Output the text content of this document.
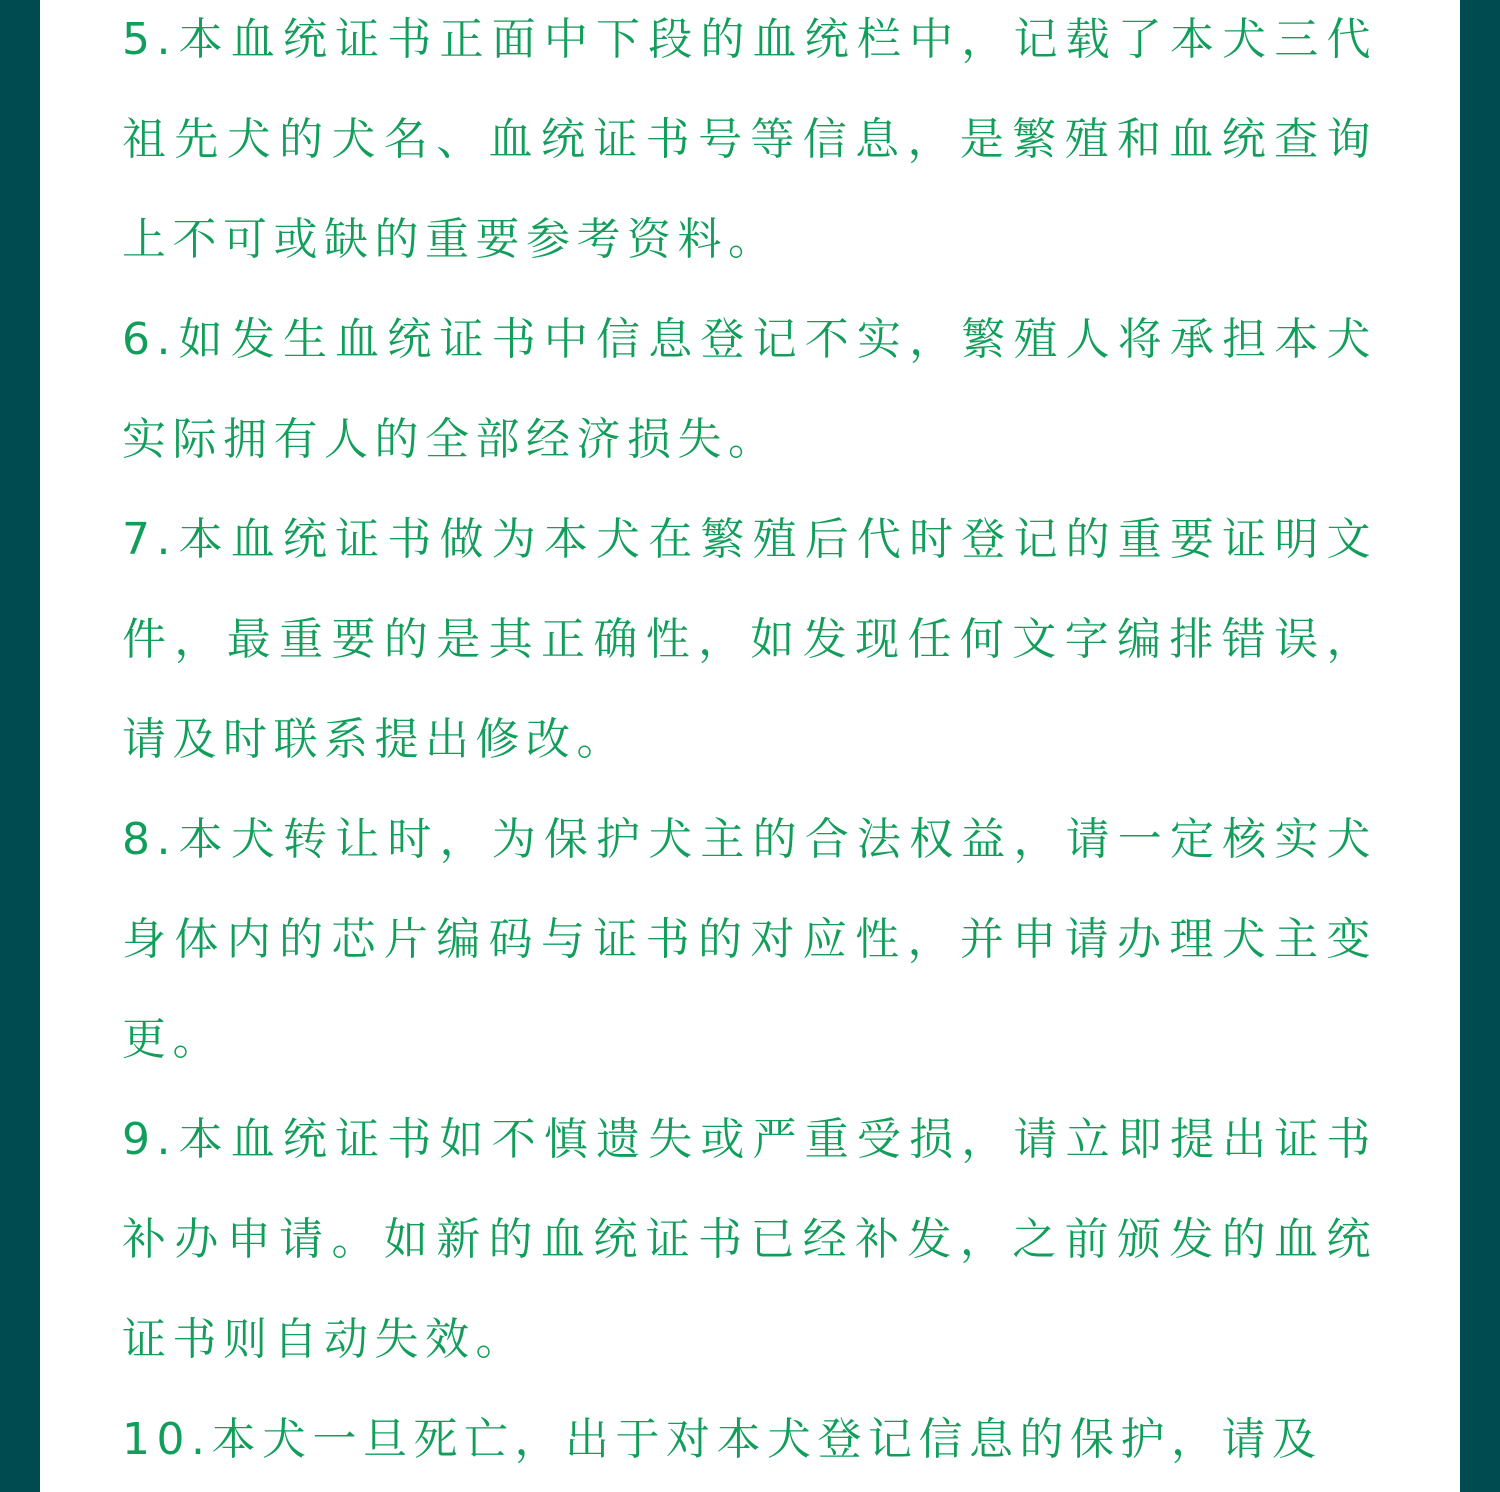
5.本血统证书正面中下段的血统栏中，记载了本犬三代祖先犬的犬名、血统证书号等信息，是繁殖和血统查询上不可或缺的重要参考资料。

6.如发生血统证书中信息登记不实，繁殖人将承担本犬实际拥有人的全部经济损失。

7.本血统证书做为本犬在繁殖后代时登记的重要证明文件，最重要的是其正确性，如发现任何文字编排错误，请及时联系提出修改。

8.本犬转让时，为保护犬主的合法权益，请一定核实犬身体内的芯片编码与证书的对应性，并申请办理犬主变更。

9.本血统证书如不慎遗失或严重受损，请立即提出证书补办申请。如新的血统证书已经补发，之前颁发的血统证书则自动失效。

10.本犬一旦死亡，出于对本犬登记信息的保护，请及
